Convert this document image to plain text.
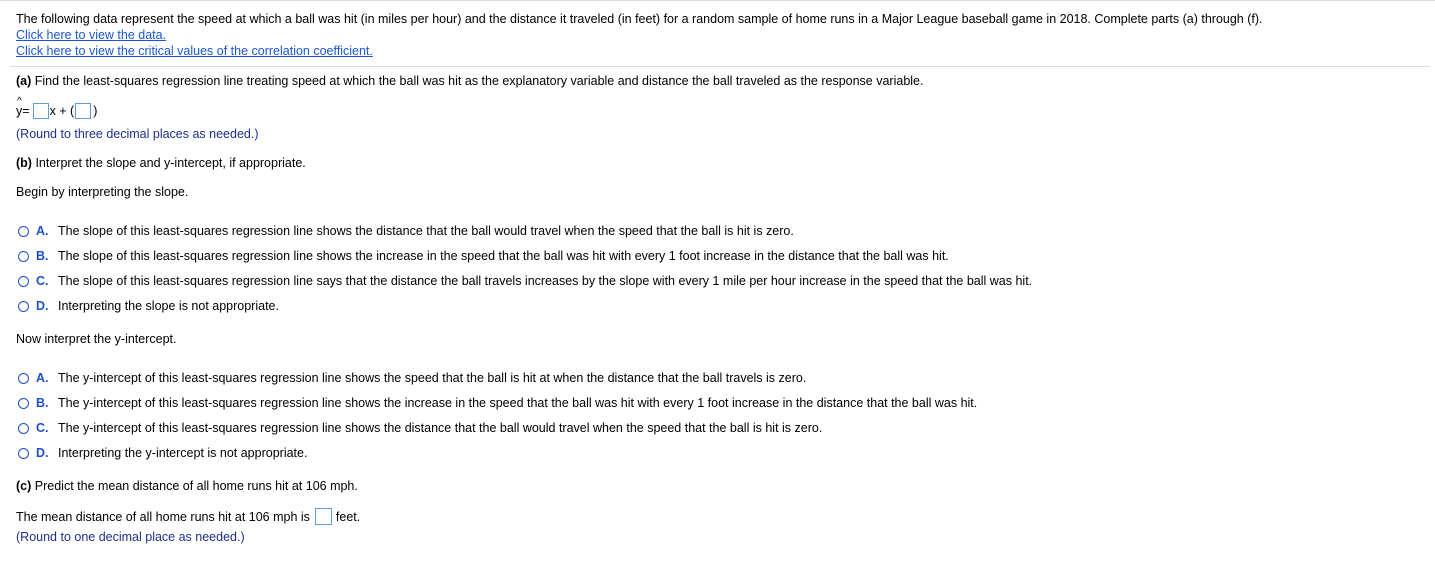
The following data represent the speed at which a ball was hit (in miles per hour) and the distance it traveled (in feet) for a random sample of home runs in a Major League baseball game in 2018. Complete parts (a) through (f).
Click here to view the data.
Click here to view the critical values of the correlation coefficient.
(a) Find the least-squares regression line treating speed at which the ball was hit as the explanatory variable and distance the ball traveled as the response variable.
^
y = x + ( )
(Round to three decimal places as needed.)
(b) Interpret the slope and y-intercept, if appropriate.
Begin by interpreting the slope.
A. The slope of this least-squares regression line shows the distance that the ball would travel when the speed that the ball is hit is zero.
B. The slope of this least-squares regression line shows the increase in the speed that the ball was hit with every 1 foot increase in the distance that the ball was hit.
C. The slope of this least-squares regression line says that the distance the ball travels increases by the slope with every 1 mile per hour increase in the speed that the ball was hit.
D. Interpreting the slope is not appropriate.
Now interpret the y-intercept.
A. The y-intercept of this least-squares regression line shows the speed that the ball is hit at when the distance that the ball travels is zero.
B. The y-intercept of this least-squares regression line shows the increase in the speed that the ball was hit with every 1 foot increase in the distance that the ball was hit.
C. The y-intercept of this least-squares regression line shows the distance that the ball would travel when the speed that the ball is hit is zero.
D. Interpreting the y-intercept is not appropriate.
(c) Predict the mean distance of all home runs hit at 106 mph.
The mean distance of all home runs hit at 106 mph is feet.
(Round to one decimal place as needed.)
